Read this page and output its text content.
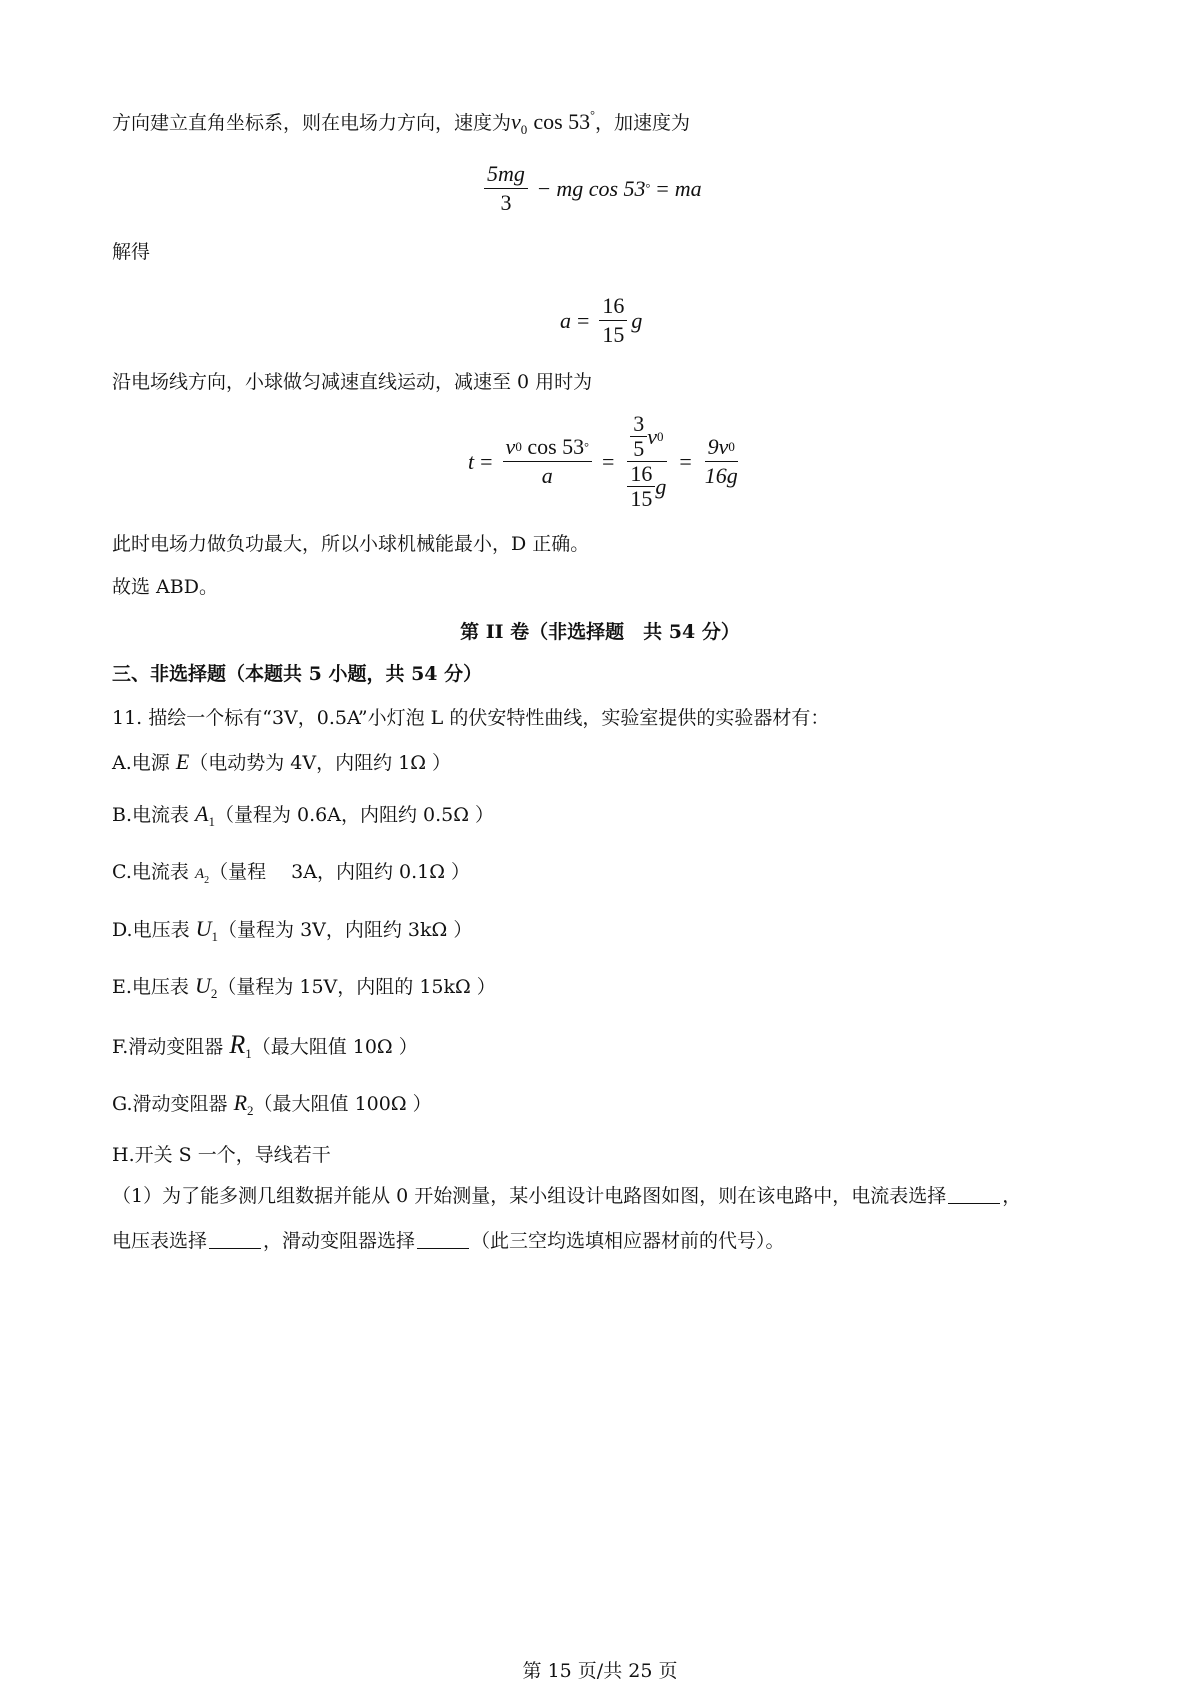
方向建立直角坐标系，则在电场力方向，速度为$v_0$ cos 53°，加速度为
$\frac{5mg}{3}$ − mg cos 53 ° = ma
解得
$a = \frac{16}{15}$ g
沿电场线方向，小球做匀减速直线运动，减速至 0 用时为
t = v 0
cos 53 °
$a = \frac{\frac{3}{5} v 0}{\frac{16}{15} g} = \frac{9v 0}{16g}$
此时电场力做负功最大，所以小球机械能最小，D 正确。
故选 ABD。
第 II 卷（非选择题　共 54 分）
三、非选择题（本题共 5 小题，共 54 分）
11. 描绘一个标有“3V，0.5A”小灯泡 L 的伏安特性曲线，实验室提供的实验器材有：
A.电源 E（电动势为 4V，内阻约 1Ω ）
B.电流表 $A_1$（量程为 0.6A，内阻约 0.5Ω ）
C.电流表 $A_2$（量程　 3A，内阻约 0.1Ω ）
D.电压表 $U_1$（量程为 3V，内阻约 3kΩ ）
E.电压表 $U_2$（量程为 15V，内阻的 15kΩ ）
F.滑动变阻器 $R_1$（最大阻值 10Ω ）
G.滑动变阻器 $R_2$（最大阻值 100Ω ）
H.开关 S 一个，导线若干
（1）为了能多测几组数据并能从 0 开始测量，某小组设计电路图如图，则在该电路中，电流表选择	，
电压表选择	，滑动变阻器选择	（此三空均选填相应器材前的代号）。
第 15 页/共 25 页
